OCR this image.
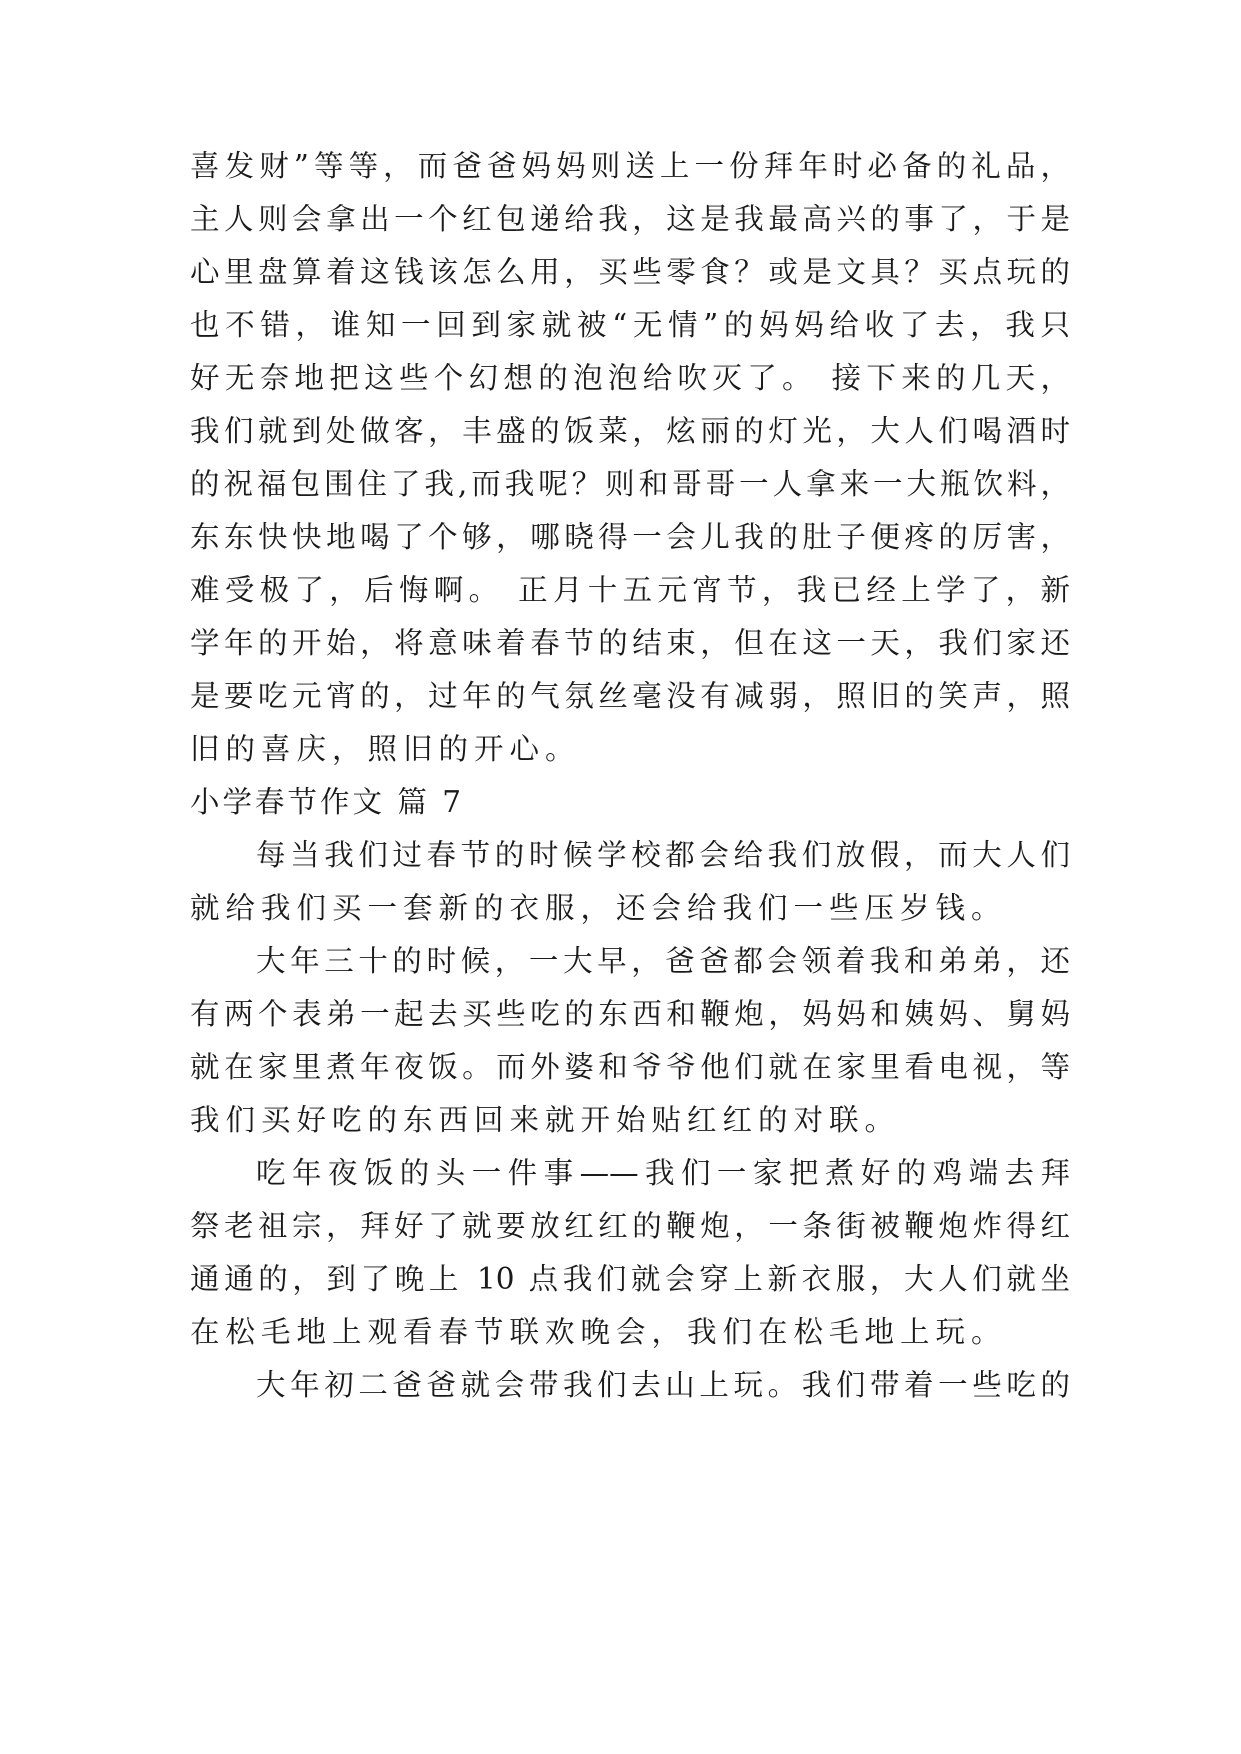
喜发财”等等，而爸爸妈妈则送上一份拜年时必备的礼品，
主人则会拿出一个红包递给我，这是我最高兴的事了，于是
心里盘算着这钱该怎么用，买些零食？或是文具？买点玩的
也不错，谁知一回到家就被“无情”的妈妈给收了去，我只
好无奈地把这些个幻想的泡泡给吹灭了。 接下来的几天，
我们就到处做客，丰盛的饭菜，炫丽的灯光，大人们喝酒时
的祝福包围住了我,而我呢？则和哥哥一人拿来一大瓶饮料，
东东快快地喝了个够，哪晓得一会儿我的肚子便疼的厉害，
难受极了，后悔啊。 正月十五元宵节，我已经上学了，新
学年的开始，将意味着春节的结束，但在这一天，我们家还
是要吃元宵的，过年的气氛丝毫没有减弱，照旧的笑声，照
旧的喜庆，照旧的开心。
小学春节作文 篇 7
每当我们过春节的时候学校都会给我们放假，而大人们
就给我们买一套新的衣服，还会给我们一些压岁钱。
大年三十的时候，一大早，爸爸都会领着我和弟弟，还
有两个表弟一起去买些吃的东西和鞭炮，妈妈和姨妈、舅妈
就在家里煮年夜饭。而外婆和爷爷他们就在家里看电视，等
我们买好吃的东西回来就开始贴红红的对联。
吃年夜饭的头一件事——我们一家把煮好的鸡端去拜
祭老祖宗，拜好了就要放红红的鞭炮，一条街被鞭炮炸得红
通通的，到了晚上 10 点我们就会穿上新衣服，大人们就坐
在松毛地上观看春节联欢晚会，我们在松毛地上玩。
大年初二爸爸就会带我们去山上玩。我们带着一些吃的
